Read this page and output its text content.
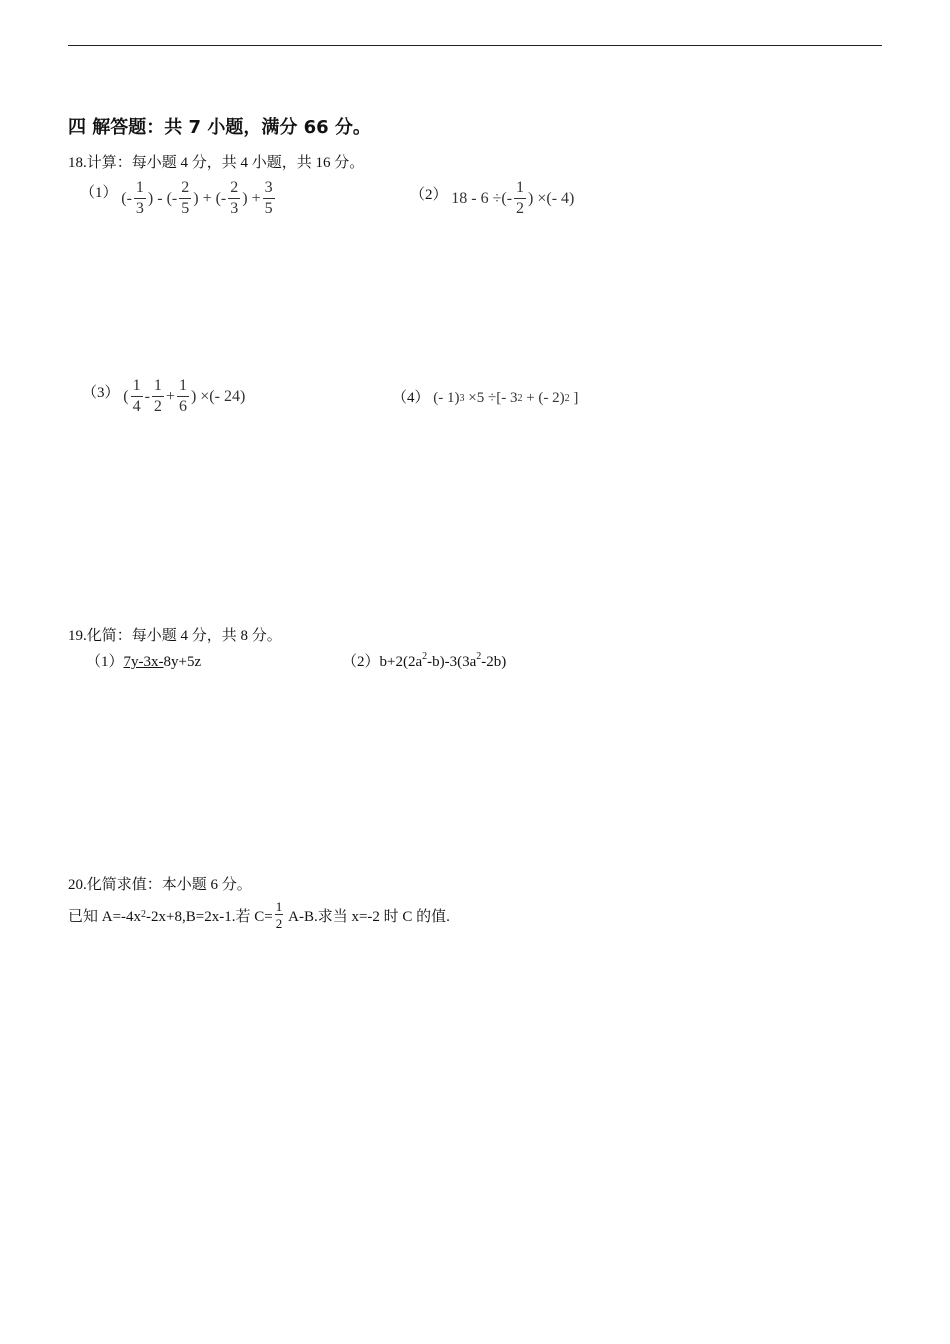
四 解答题：共 7 小题，满分 66 分。
18.计算：每小题 4 分，共 4 小题，共 16 分。
（1） (- $\frac{1}{3}$ ) - (- $\frac{2}{5}$ ) + (- $\frac{2}{3}$ ) + $\frac{3}{5}$	（2） 18 - 6 ÷(- $\frac{1}{2}$ ) ×(- 4)
（3） ( $\frac{1}{4} - \frac{1}{2} + \frac{1}{6}$ ) ×(- 24)	（4） (- 1) 3 ×5 ÷[- 3 2 + (- 2) 2 ]
19.化简：每小题 4 分，共 8 分。
（1）7y-3x-8y+5z	$(2)b+2(2a^2-b)-3(3a^2-2b)$
20.化简求值：本小题 6 分。
已知 A=-4x 2 -2x+8,B=2x-1.若 $C= \frac{1}{2} A-B$.求当 x=-2 时 C 的值.
